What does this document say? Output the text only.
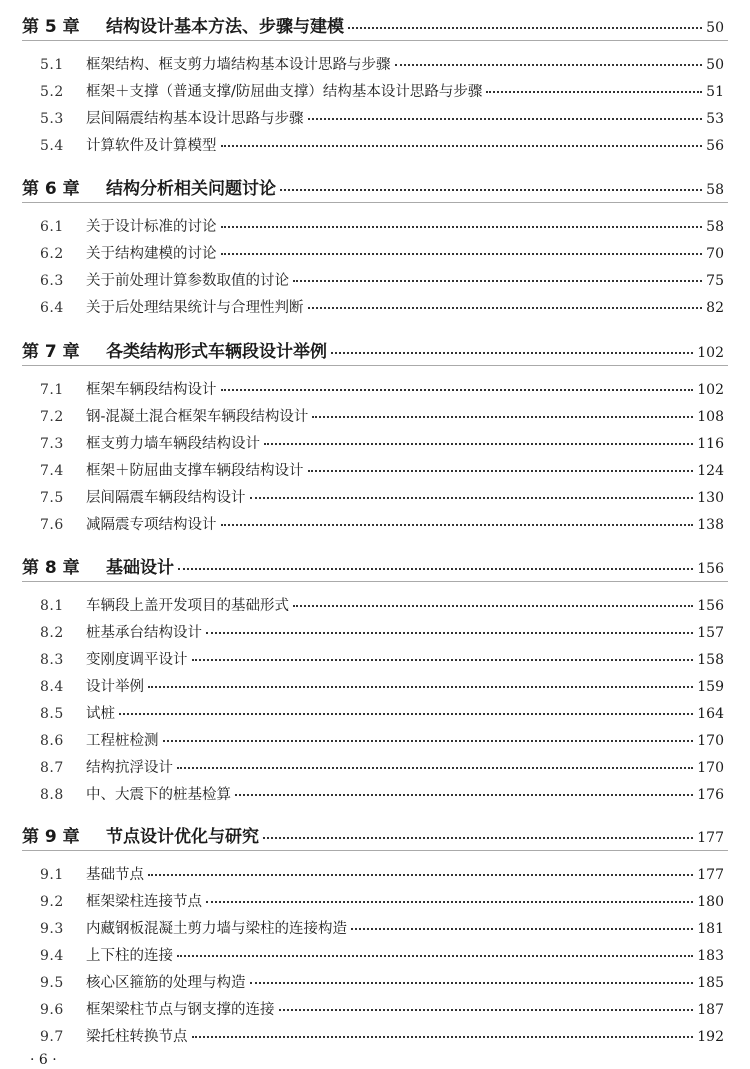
第 5 章	结构设计基本方法、步骤与建模	50
5.1	框架结构、框支剪力墙结构基本设计思路与步骤	50
5.2	框架＋支撑（普通支撑/防屈曲支撑）结构基本设计思路与步骤	51
5.3	层间隔震结构基本设计思路与步骤	53
5.4	计算软件及计算模型	56
第 6 章	结构分析相关问题讨论	58
6.1	关于设计标准的讨论	58
6.2	关于结构建模的讨论	70
6.3	关于前处理计算参数取值的讨论	75
6.4	关于后处理结果统计与合理性判断	82
第 7 章	各类结构形式车辆段设计举例	102
7.1	框架车辆段结构设计	102
7.2	钢-混凝土混合框架车辆段结构设计	108
7.3	框支剪力墙车辆段结构设计	116
7.4	框架＋防屈曲支撑车辆段结构设计	124
7.5	层间隔震车辆段结构设计	130
7.6	减隔震专项结构设计	138
第 8 章	基础设计	156
8.1	车辆段上盖开发项目的基础形式	156
8.2	桩基承台结构设计	157
8.3	变刚度调平设计	158
8.4	设计举例	159
8.5	试桩	164
8.6	工程桩检测	170
8.7	结构抗浮设计	170
8.8	中、大震下的桩基检算	176
第 9 章	节点设计优化与研究	177
9.1	基础节点	177
9.2	框架梁柱连接节点	180
9.3	内藏钢板混凝土剪力墙与梁柱的连接构造	181
9.4	上下柱的连接	183
9.5	核心区箍筋的处理与构造	185
9.6	框架梁柱节点与钢支撑的连接	187
9.7	梁托柱转换节点	192
· 6 ·
